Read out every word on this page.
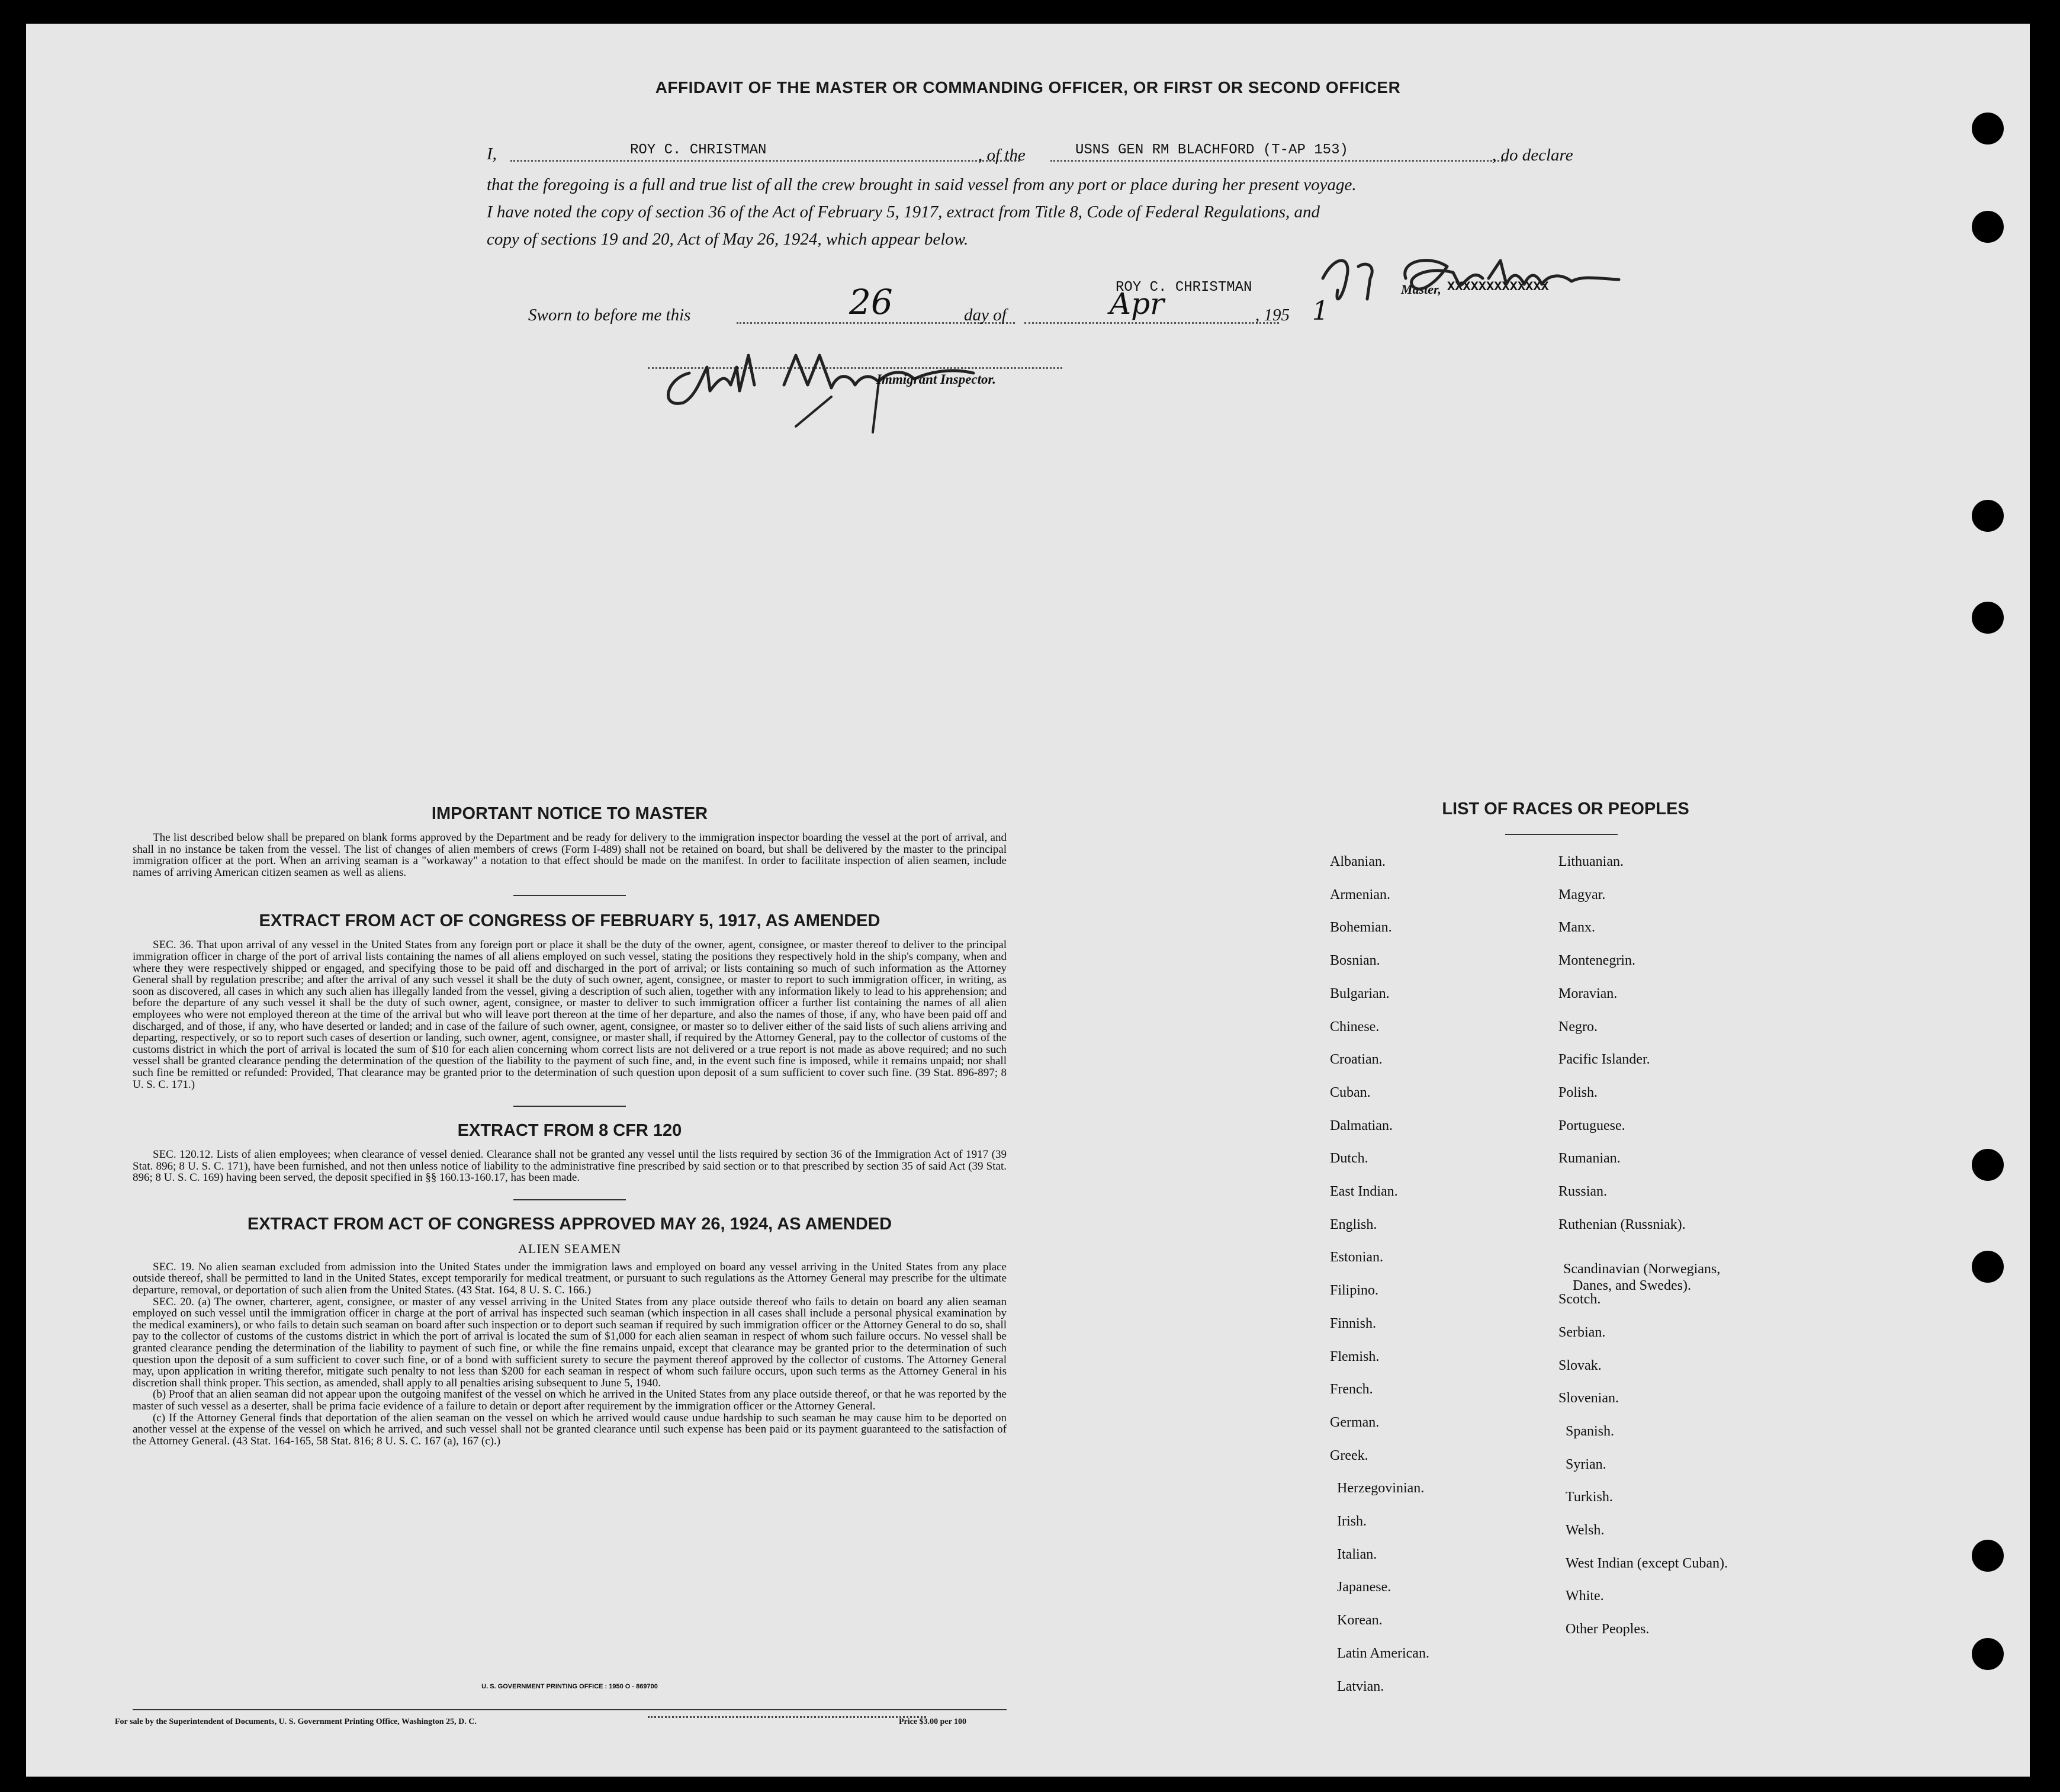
AFFIDAVIT OF THE MASTER OR COMMANDING OFFICER, OR FIRST OR SECOND OFFICER
I,	ROY C. CHRISTMAN	, of the	USNS GEN RM BLACHFORD (T-AP 153)	, do declare
that the foregoing is a full and true list of all the crew brought in said vessel from any port or place during her present voyage.
I have noted the copy of section 36 of the Act of February 5, 1917, extract from Title 8, Code of Federal Regulations, and
copy of sections 19 and 20, Act of May 26, 1924, which appear below.
Sworn to before me this	26	day of	Apr	, 195 1
ROY C. CHRISTMAN	Master, XXXXXXXXXXXXX
Immigrant Inspector.
IMPORTANT NOTICE TO MASTER

The list described below shall be prepared on blank forms approved by the Department and be ready for delivery to the immigration inspector boarding the vessel at the port of arrival, and shall in no instance be taken from the vessel. The list of changes of alien members of crews (Form I-489) shall not be retained on board, but shall be delivered by the master to the principal immigration officer at the port. When an arriving seaman is a "workaway" a notation to that effect should be made on the manifest. In order to facilitate inspection of alien seamen, include names of arriving American citizen seamen as well as aliens.

EXTRACT FROM ACT OF CONGRESS OF FEBRUARY 5, 1917, AS AMENDED

SEC. 36. That upon arrival of any vessel in the United States from any foreign port or place it shall be the duty of the owner, agent, consignee, or master thereof to deliver to the principal immigration officer in charge of the port of arrival lists containing the names of all aliens employed on such vessel, stating the positions they respectively hold in the ship's company, when and where they were respectively shipped or engaged, and specifying those to be paid off and discharged in the port of arrival; or lists containing so much of such information as the Attorney General shall by regulation prescribe; and after the arrival of any such vessel it shall be the duty of such owner, agent, consignee, or master to report to such immigration officer, in writing, as soon as discovered, all cases in which any such alien has illegally landed from the vessel, giving a description of such alien, together with any information likely to lead to his apprehension; and before the departure of any such vessel it shall be the duty of such owner, agent, consignee, or master to deliver to such immigration officer a further list containing the names of all alien employees who were not employed thereon at the time of the arrival but who will leave port thereon at the time of her departure, and also the names of those, if any, who have been paid off and discharged, and of those, if any, who have deserted or landed; and in case of the failure of such owner, agent, consignee, or master so to deliver either of the said lists of such aliens arriving and departing, respectively, or so to report such cases of desertion or landing, such owner, agent, consignee, or master shall, if required by the Attorney General, pay to the collector of customs of the customs district in which the port of arrival is located the sum of $10 for each alien concerning whom correct lists are not delivered or a true report is not made as above required; and no such vessel shall be granted clearance pending the determination of the question of the liability to the payment of such fine, and, in the event such fine is imposed, while it remains unpaid; nor shall such fine be remitted or refunded: Provided, That clearance may be granted prior to the determination of such question upon deposit of a sum sufficient to cover such fine. (39 Stat. 896-897; 8 U. S. C. 171.)

EXTRACT FROM 8 CFR 120

SEC. 120.12. Lists of alien employees; when clearance of vessel denied. Clearance shall not be granted any vessel until the lists required by section 36 of the Immigration Act of 1917 (39 Stat. 896; 8 U. S. C. 171), have been furnished, and not then unless notice of liability to the administrative fine prescribed by said section or to that prescribed by section 35 of said Act (39 Stat. 896; 8 U. S. C. 169) having been served, the deposit specified in §§ 160.13-160.17, has been made.

EXTRACT FROM ACT OF CONGRESS APPROVED MAY 26, 1924, AS AMENDED
ALIEN SEAMEN

SEC. 19. No alien seaman excluded from admission into the United States under the immigration laws and employed on board any vessel arriving in the United States from any place outside thereof, shall be permitted to land in the United States, except temporarily for medical treatment, or pursuant to such regulations as the Attorney General may prescribe for the ultimate departure, removal, or deportation of such alien from the United States. (43 Stat. 164, 8 U. S. C. 166.)

SEC. 20. (a) The owner, charterer, agent, consignee, or master of any vessel arriving in the United States from any place outside thereof who fails to detain on board any alien seaman employed on such vessel until the immigration officer in charge at the port of arrival has inspected such seaman (which inspection in all cases shall include a personal physical examination by the medical examiners), or who fails to detain such seaman on board after such inspection or to deport such seaman if required by such immigration officer or the Attorney General to do so, shall pay to the collector of customs of the customs district in which the port of arrival is located the sum of $1,000 for each alien seaman in respect of whom such failure occurs. No vessel shall be granted clearance pending the determination of the liability to payment of such fine, or while the fine remains unpaid, except that clearance may be granted prior to the determination of such question upon the deposit of a sum sufficient to cover such fine, or of a bond with sufficient surety to secure the payment thereof approved by the collector of customs. The Attorney General may, upon application in writing therefor, mitigate such penalty to not less than $200 for each seaman in respect of whom such failure occurs, upon such terms as the Attorney General in his discretion shall think proper. This section, as amended, shall apply to all penalties arising subsequent to June 5, 1940.

(b) Proof that an alien seaman did not appear upon the outgoing manifest of the vessel on which he arrived in the United States from any place outside thereof, or that he was reported by the master of such vessel as a deserter, shall be prima facie evidence of a failure to detain or deport after requirement by the immigration officer or the Attorney General.

(c) If the Attorney General finds that deportation of the alien seaman on the vessel on which he arrived would cause undue hardship to such seaman he may cause him to be deported on another vessel at the expense of the vessel on which he arrived, and such vessel shall not be granted clearance until such expense has been paid or its payment guaranteed to the satisfaction of the Attorney General. (43 Stat. 164-165, 58 Stat. 816; 8 U. S. C. 167 (a), 167 (c).)

U. S. GOVERNMENT PRINTING OFFICE : 1950 O - 869700
For sale by the Superintendent of Documents, U. S. Government Printing Office, Washington 25, D. C.	Price $3.00 per 100
LIST OF RACES OR PEOPLES
Albanian.
Armenian.
Bohemian.
Bosnian.
Bulgarian.
Chinese.
Croatian.
Cuban.
Dalmatian.
Dutch.
East Indian.
English.
Estonian.
Filipino.
Finnish.
Flemish.
French.
German.
Greek.
Herzegovinian.
Irish.
Italian.
Japanese.
Korean.
Latin American.
Latvian.
Lithuanian.
Magyar.
Manx.
Montenegrin.
Moravian.
Negro.
Pacific Islander.
Polish.
Portuguese.
Rumanian.
Russian.
Ruthenian (Russniak).
Scandinavian (Norwegians,
Danes, and Swedes).
Scotch.
Serbian.
Slovak.
Slovenian.
Spanish.
Syrian.
Turkish.
Welsh.
West Indian (except Cuban).
White.
Other Peoples.
